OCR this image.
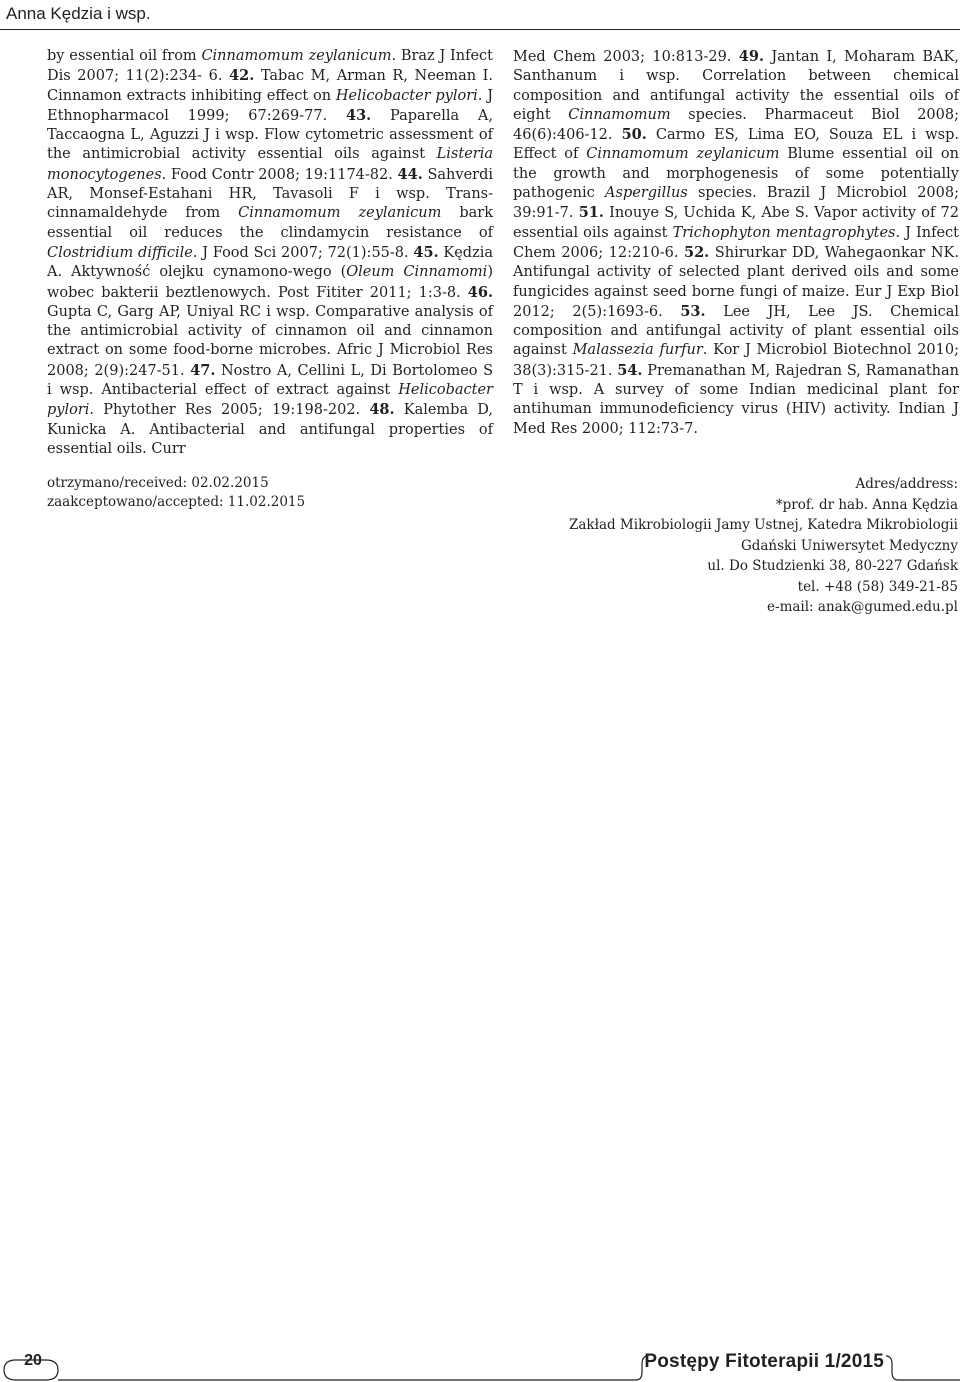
Anna Kędzia i wsp.
by essential oil from Cinnamomum zeylanicum. Braz J Infect Dis 2007; 11(2):234- 6. 42. Tabac M, Arman R, Neeman I. Cinnamon extracts inhibiting effect on Helicobacter pylori. J Ethnopharmacol 1999; 67:269-77. 43. Paparella A, Taccaogna L, Aguzzi J i wsp. Flow cytometric assessment of the antimicrobial activity essential oils against Listeria monocytogenes. Food Contr 2008; 19:1174-82. 44. Sahverdi AR, Monsef-Estahani HR, Tavasoli F i wsp. Trans-cinnamaldehyde from Cinnamomum zeylanicum bark essential oil reduces the clindamycin resistance of Clostridium difficile. J Food Sci 2007; 72(1):55-8. 45. Kędzia A. Aktywność olejku cynamono-wego (Oleum Cinnamomi) wobec bakterii beztlenowych. Post Fititer 2011; 1:3-8. 46. Gupta C, Garg AP, Uniyal RC i wsp. Comparative analysis of the antimicrobial activity of cinnamon oil and cinnamon extract on some food-borne microbes. Afric J Microbiol Res 2008; 2(9):247-51. 47. Nostro A, Cellini L, Di Bortolomeo S i wsp. Antibacterial effect of extract against Helicobacter pylori. Phytother Res 2005; 19:198-202. 48. Kalemba D, Kunicka A. Antibacterial and antifungal properties of essential oils. Curr
Med Chem 2003; 10:813-29. 49. Jantan I, Moharam BAK, Santhanum i wsp. Correlation between chemical composition and antifungal activity the essential oils of eight Cinnamomum species. Pharmaceut Biol 2008; 46(6):406-12. 50. Carmo ES, Lima EO, Souza EL i wsp. Effect of Cinnamomum zeylanicum Blume essential oil on the growth and morphogenesis of some potentially pathogenic Aspergillus species. Brazil J Microbiol 2008; 39:91-7. 51. Inouye S, Uchida K, Abe S. Vapor activity of 72 essential oils against Trichophyton mentagrophytes. J Infect Chem 2006; 12:210-6. 52. Shirurkar DD, Wahegaonkar NK. Antifungal activity of selected plant derived oils and some fungicides against seed borne fungi of maize. Eur J Exp Biol 2012; 2(5):1693-6. 53. Lee JH, Lee JS. Chemical composition and antifungal activity of plant essential oils against Malassezia furfur. Kor J Microbiol Biotechnol 2010; 38(3):315-21. 54. Premanathan M, Rajedran S, Ramanathan T i wsp. A survey of some Indian medicinal plant for antihuman immunodeficiency virus (HIV) activity. Indian J Med Res 2000; 112:73-7.
otrzymano/received: 02.02.2015
zaakceptowano/accepted: 11.02.2015
Adres/address:
*prof. dr hab. Anna Kędzia
Zakład Mikrobiologii Jamy Ustnej, Katedra Mikrobiologii
Gdański Uniwersytet Medyczny
ul. Do Studzienki 38, 80-227 Gdańsk
tel. +48 (58) 349-21-85
e-mail: anak@gumed.edu.pl
20	Postępy Fitoterapii 1/2015
